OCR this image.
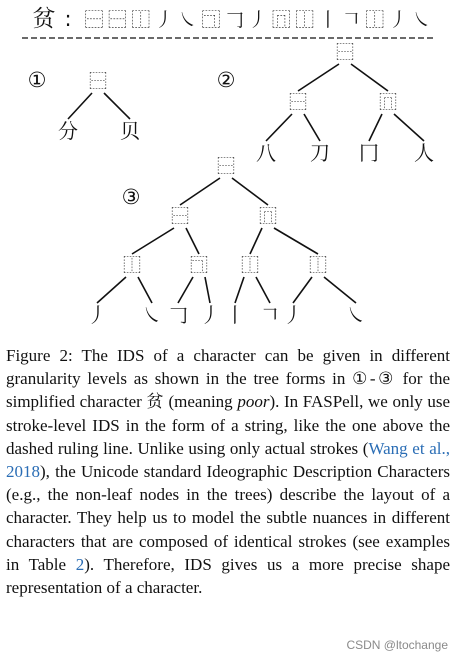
贫 : ⿱ ⿱ ⿰ 丿 ㇏ ⿹ 𠃌 丿 ⿵ ⿰ 丨 𠃍 ⿰ 丿 ㇏
①
分 贝
⿱	②
八 刀
⿱
冂 人
⿵
⿱
③
丿 ㇏
⿰
𠃌 丿
⿹
⿱
丨 𠃍
⿰
丿 ㇏
⿰
⿵
⿱

Figure 2: The IDS of a character can be given in different granularity levels as shown in the tree forms in ①-③ for the simplified character 贫 (meaning poor). In FASPell, we only use stroke-level IDS in the form of a string, like the one above the dashed ruling line. Unlike using only actual strokes (Wang et al., 2018), the Unicode standard Ideographic Description Characters (e.g., the non-leaf nodes in the trees) describe the layout of a character. They help us to model the subtle nuances in different characters that are composed of identical strokes (see examples in Table 2). Therefore, IDS gives us a more precise shape representation of a character.

CSDN @ltochange
